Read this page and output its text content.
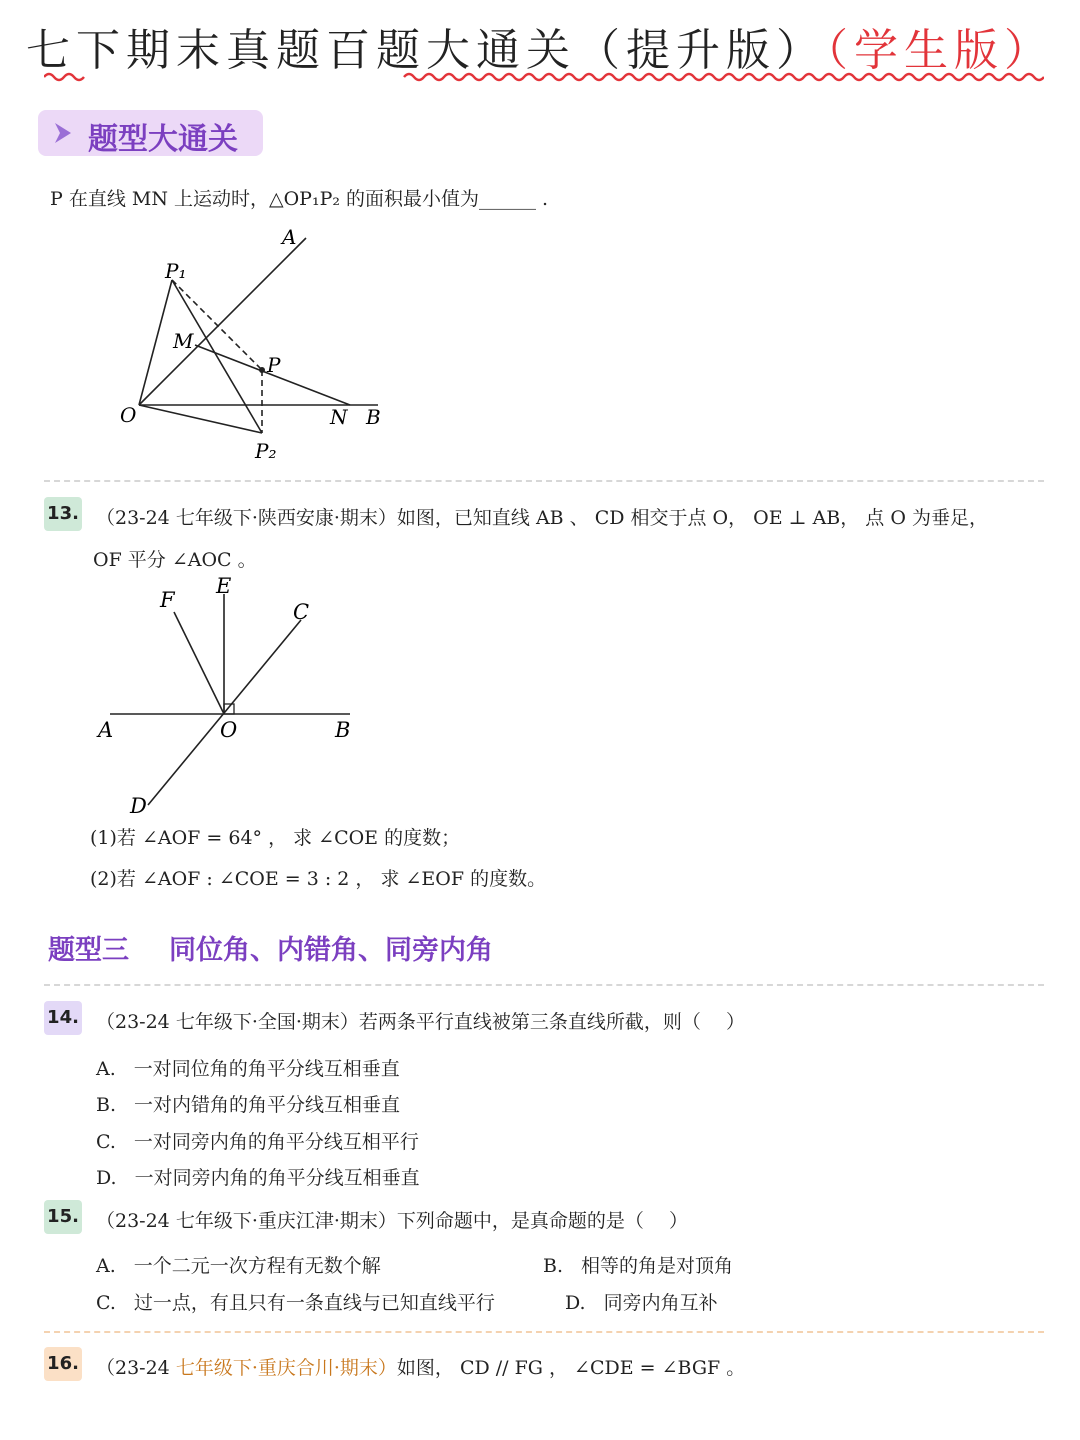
七下期末真题百题大通关（提升版）（学生版）
题型大通关
P 在直线 MN 上运动时，△OP₁P₂ 的面积最小值为______ .
A
P₁
M
P
O	N B
P₂
13. （23-24 七年级下·陕西安康·期末）如图，已知直线 AB 、 CD 相交于点 O， OE ⊥ AB， 点 O 为垂足，
OF 平分 ∠AOC 。
F
E
C
A	O	B
D
(1)若 ∠AOF = 64° ， 求 ∠COE 的度数；
(2)若 ∠AOF : ∠COE = 3 : 2 ， 求 ∠EOF 的度数。
题型三 同位角、内错角、同旁内角
14. （23-24 七年级下·全国·期末）若两条平行直线被第三条直线所截，则（　 ）
A. 一对同位角的角平分线互相垂直
B. 一对内错角的角平分线互相垂直
C. 一对同旁内角的角平分线互相平行
D. 一对同旁内角的角平分线互相垂直
15. （23-24 七年级下·重庆江津·期末）下列命题中，是真命题的是（　 ）
A. 一个二元一次方程有无数个解	B. 相等的角是对顶角
C. 过一点，有且只有一条直线与已知直线平行	D. 同旁内角互补
16. （23-24 七年级下·重庆合川·期末）如图， CD // FG ， ∠CDE = ∠BGF 。
